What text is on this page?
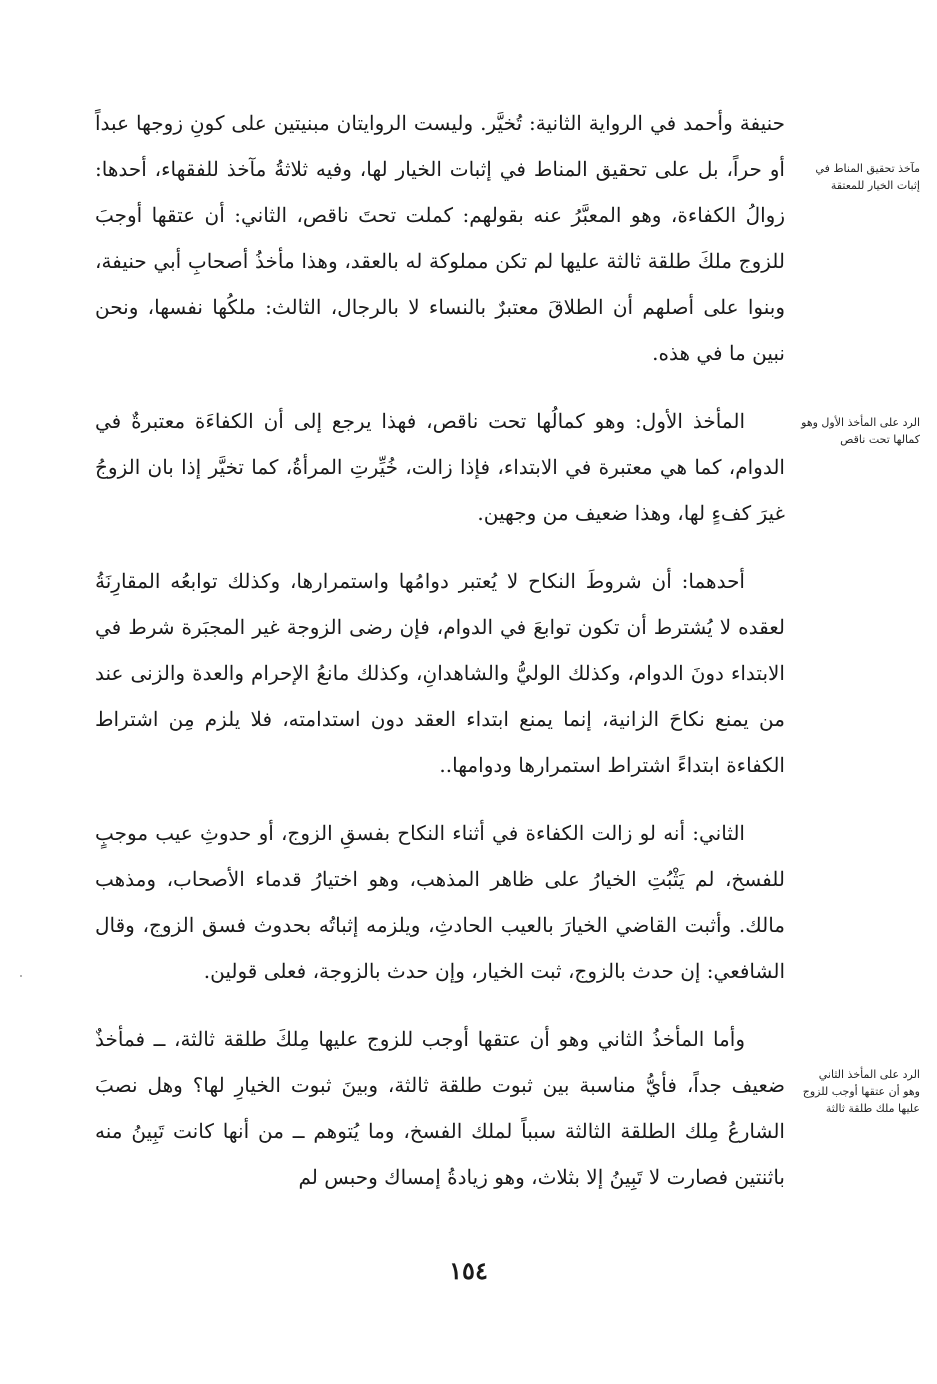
مآخذ تحقيق المناط في إثبات الخيار للمعتقة
الرد على المأخذ الأول وهو كمالها تحت ناقص
الرد على المأخذ الثاني وهو أن عتقها أوجب للزوج عليها ملك طلقة ثالثة

حنيفة وأحمد في الرواية الثانية: تُخيَّر. وليست الروايتان مبنيتين على كونِ زوجها عبداً أو حراً، بل على تحقيق المناط في إثبات الخيار لها، وفيه ثلاثةُ مآخذ للفقهاء، أحدها: زوالُ الكفاءة، وهو المعبَّرُ عنه بقولهم: كملت تحتَ ناقص، الثاني: أن عتقها أوجبَ للزوج ملكَ طلقة ثالثة عليها لم تكن مملوكة له بالعقد، وهذا مأخذُ أصحابِ أبي حنيفة، وبنوا على أصلهم أن الطلاقَ معتبرٌ بالنساء لا بالرجال، الثالث: ملكُها نفسها، ونحن نبين ما في هذه.

المأخذ الأول: وهو كمالُها تحت ناقص، فهذا يرجع إلى أن الكفاءَة معتبرةٌ في الدوام، كما هي معتبرة في الابتداء، فإذا زالت، خُيِّرتِ المرأةُ، كما تخيَّر إذا بان الزوجُ غيرَ كفءٍ لها، وهذا ضعيف من وجهين.

أحدهما: أن شروطَ النكاح لا يُعتبر دوامُها واستمرارها، وكذلك توابعُه المقارِنَةُ لعقده لا يُشترط أن تكون توابعَ في الدوام، فإن رضى الزوجة غير المجبَرة شرط في الابتداء دونَ الدوام، وكذلك الوليُّ والشاهدانِ، وكذلك مانعُ الإحرام والعدة والزنى عند من يمنع نكاحَ الزانية، إنما يمنع ابتداء العقد دون استدامته، فلا يلزم مِن اشتراط الكفاءة ابتداءً اشتراط استمرارها ودوامها..

الثاني: أنه لو زالت الكفاءة في أثناء النكاح بفسقِ الزوج، أو حدوثِ عيب موجبٍ للفسخ، لم يَثْبُتِ الخيارُ على ظاهر المذهب، وهو اختيارُ قدماء الأصحاب، ومذهب مالك. وأثبت القاضي الخيارَ بالعيب الحادثِ، ويلزمه إثباتُه بحدوث فسق الزوج، وقال الشافعي: إن حدث بالزوج، ثبت الخيار، وإن حدث بالزوجة، فعلى قولين.

وأما المأخذُ الثاني وهو أن عتقها أوجب للزوج عليها مِلكَ طلقة ثالثة، ــ فمأخذٌ ضعيف جداً، فأيُّ مناسبة بين ثبوت طلقة ثالثة، وبينَ ثبوت الخيارِ لها؟ وهل نصبَ الشارعُ مِلك الطلقة الثالثة سبباً لملك الفسخ، وما يُتوهم ــ من أنها كانت تَبِينُ منه باثنتين فصارت لا تَبِينُ إلا بثلاث، وهو زيادةُ إمساك وحبس لم

١٥٤
